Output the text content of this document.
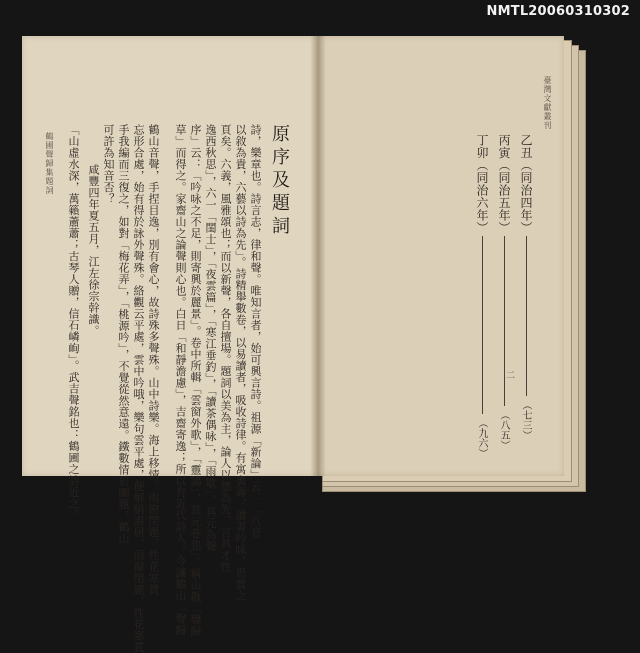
NMTL20060310302
原序及題詞
詩，樂章也。詩言志，律和聲。唯知言者，始可興言詩。祖源「新論」云：「八音
以敘為貴，六藝以詩為先」。詩精舉數卷，以易讀者，吸收詩律。有寓裏壽，讀書吟咏，思賞之
頁矣。六義，風雅頌也；而以新聲，各自擅場。題詞以美為主，論人以德為先，言其才性
逸西秋思」，六一「閨士」，「夜雲篇」，「寒江垂釣」，「讀茶偶咏」，「雨歇」，其元為聲
序」云：「吟咏之不足，則寄興於麗景」。卷中所輯「雲窗外歌」，「靈鵠」，其元卷也」。稱山散「聲歸
草」而得之。家齋山之論聲則心也。白日「和靜澹慮」，吉齋寄逸；所以有近代詩人。今讓鶴山「聲歸
鶴山音聲，手捏目逸，別有會心，故詩殊多聲殊。山中詩樂。海上移情。雨窗閉題，性花寒貫
忘形合處，始有得於詠外聲殊。絡觀云平處，雲中吟哦，樂句雲平處，便解絹退居，雨窗閉題，性花寒貫
手我編而三復之，如對「梅花弄」，「桃源吟」，不覺從然意遠。鐵數情於圖題，鶴山
可許為知音否？
咸豐四年夏五月，江左徐宗幹識。
「山虛水深，萬籟蕭蕭；古琴人贈，信石嶙峋」。武吉聲銘也：鶴圃之詩近之。
鶴圃聲歸集題詞
臺灣文獻叢刊
二
乙丑（同治四年）
（七三）
丙寅（同治五年）
（八五）
丁卯（同治六年）
（九六）
